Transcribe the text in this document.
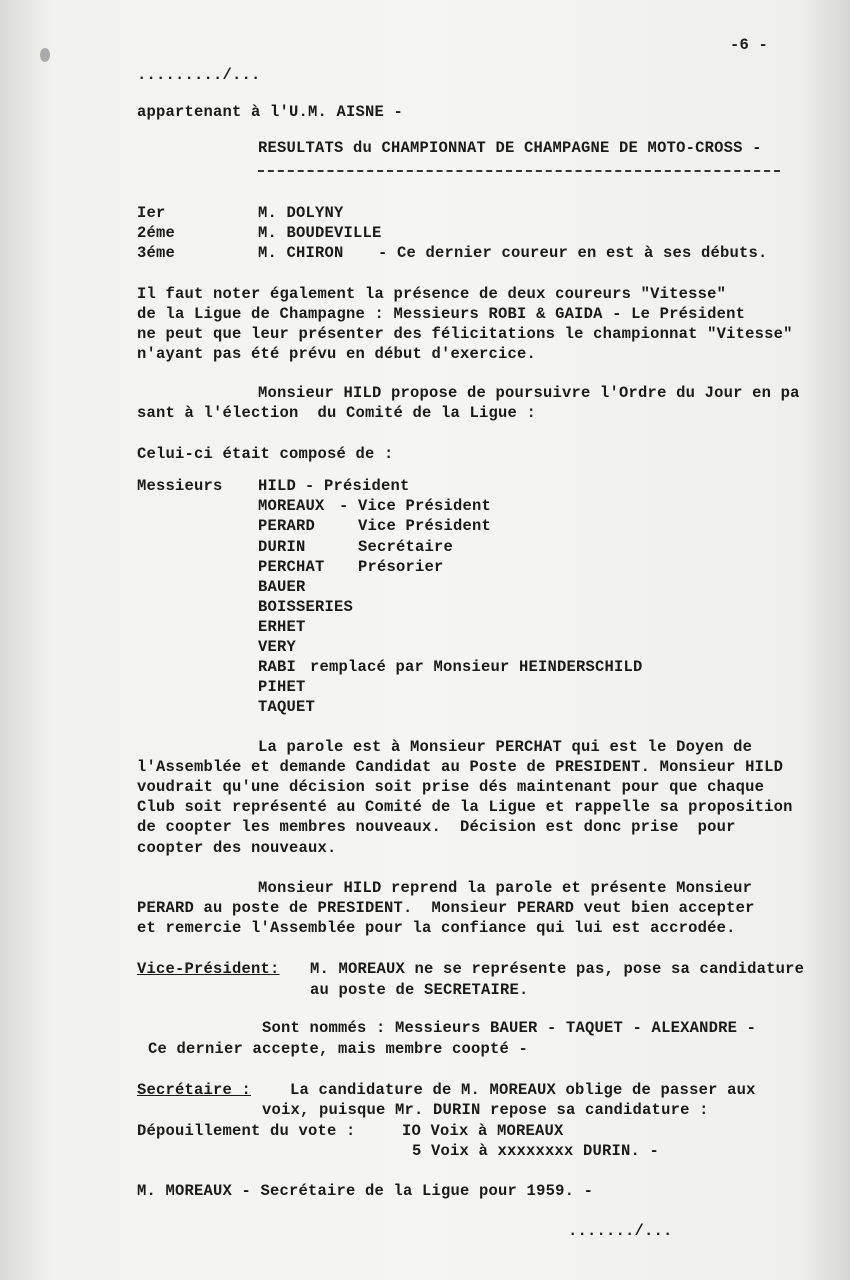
-6 -
........./...
appartenant à l'U.M. AISNE -
RESULTATS du CHAMPIONNAT DE CHAMPAGNE DE MOTO-CROSS -
Ier	M. DOLYNY
2éme	M. BOUDEVILLE
3éme	M. CHIRON - Ce dernier coureur en est à ses débuts.
Il faut noter également la présence de deux coureurs "Vitesse"
de la Ligue de Champagne : Messieurs ROBI & GAIDA - Le Président
ne peut que leur présenter des félicitations le championnat "Vitesse"
n'ayant pas été prévu en début d'exercice.
Monsieur HILD propose de poursuivre l'Ordre du Jour en pa
sant à l'élection  du Comité de la Ligue :
Celui-ci était composé de :
Messieurs HILD - Président
MOREAUX - Vice Président
PERARD	Vice Président
DURIN	Secrétaire
PERCHAT Présorier
BAUER
BOISSERIES
ERHET
VERY
RABI remplacé par Monsieur HEINDERSCHILD
PIHET
TAQUET
La parole est à Monsieur PERCHAT qui est le Doyen de
l'Assemblée et demande Candidat au Poste de PRESIDENT. Monsieur HILD
voudrait qu'une décision soit prise dés maintenant pour que chaque
Club soit représenté au Comité de la Ligue et rappelle sa proposition
de coopter les membres nouveaux.  Décision est donc prise  pour
coopter des nouveaux.
Monsieur HILD reprend la parole et présente Monsieur
PERARD au poste de PRESIDENT.  Monsieur PERARD veut bien accepter
et remercie l'Assemblée pour la confiance qui lui est accrodée.
Vice-Président: M. MOREAUX ne se représente pas, pose sa candidature
au poste de SECRETAIRE.
Sont nommés : Messieurs BAUER - TAQUET - ALEXANDRE -
Ce dernier accepte, mais membre coopté -
Secrétaire :	La candidature de M. MOREAUX oblige de passer aux
voix, puisque Mr. DURIN repose sa candidature :
Dépouillement du vote :	IO Voix à MOREAUX
5 Voix à xxxxxxxx DURIN. -
M. MOREAUX - Secrétaire de la Ligue pour 1959. -
......./...
